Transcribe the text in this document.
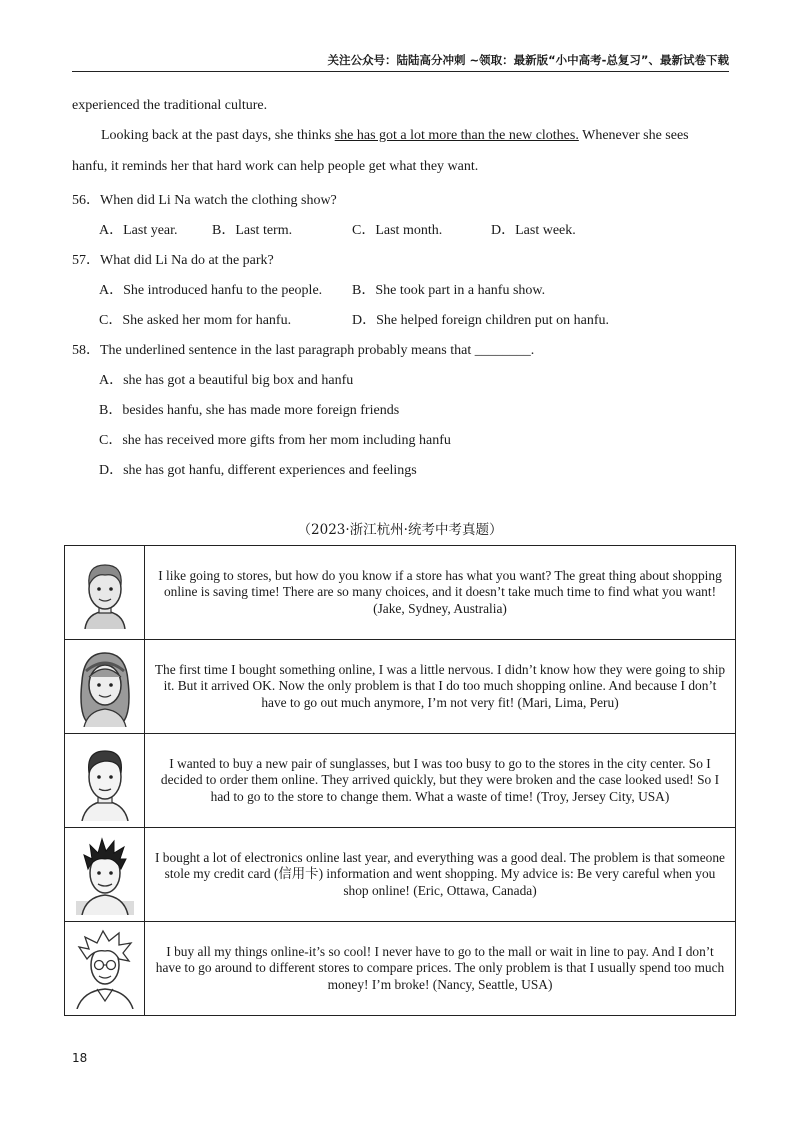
关注公众号：陆陆高分冲刺 ~领取：最新版“小中高考-总复习”、最新试卷下载
experienced the traditional culture.
Looking back at the past days, she thinks she has got a lot more than the new clothes. Whenever she sees
hanfu, it reminds her that hard work can help people get what they want.
56．When did Li Na watch the clothing show?
A．Last year. B．Last term.	C．Last month.	D．Last week.
57．What did Li Na do at the park?
A．She introduced hanfu to the people. B．She took part in a hanfu show.
C．She asked her mom for hanfu.	D．She helped foreign children put on hanfu.
58．The underlined sentence in the last paragraph probably means that ________.
A．she has got a beautiful big box and hanfu
B．besides hanfu, she has made more foreign friends
C．she has received more gifts from her mom including hanfu
D．she has got hanfu, different experiences and feelings
（2023·浙江杭州·统考中考真题）
	I like going to stores, but how do you know if a store has what you want? The great thing about shopping online is saving time! There are so many choices, and it doesn’t take much time to find what you want! (Jake, Sydney, Australia)

	The first time I bought something online, I was a little nervous. I didn’t know how they were going to ship it. But it arrived OK. Now the only problem is that I do too much shopping online. And because I don’t have to go out much anymore, I’m not very fit! (Mari, Lima, Peru)

	I wanted to buy a new pair of sunglasses, but I was too busy to go to the stores in the city center. So I decided to order them online. They arrived quickly, but they were broken and the case looked used! So I had to go to the store to change them. What a waste of time! (Troy, Jersey City, USA)

	I bought a lot of electronics online last year, and everything was a good deal. The problem is that someone stole my credit card (信用卡) information and went shopping. My advice is: Be very careful when you shop online! (Eric, Ottawa, Canada)

	I buy all my things online-it’s so cool! I never have to go to the mall or wait in line to pay. And I don’t have to go around to different stores to compare prices. The only problem is that I usually spend too much money! I’m broke! (Nancy, Seattle, USA)
18
